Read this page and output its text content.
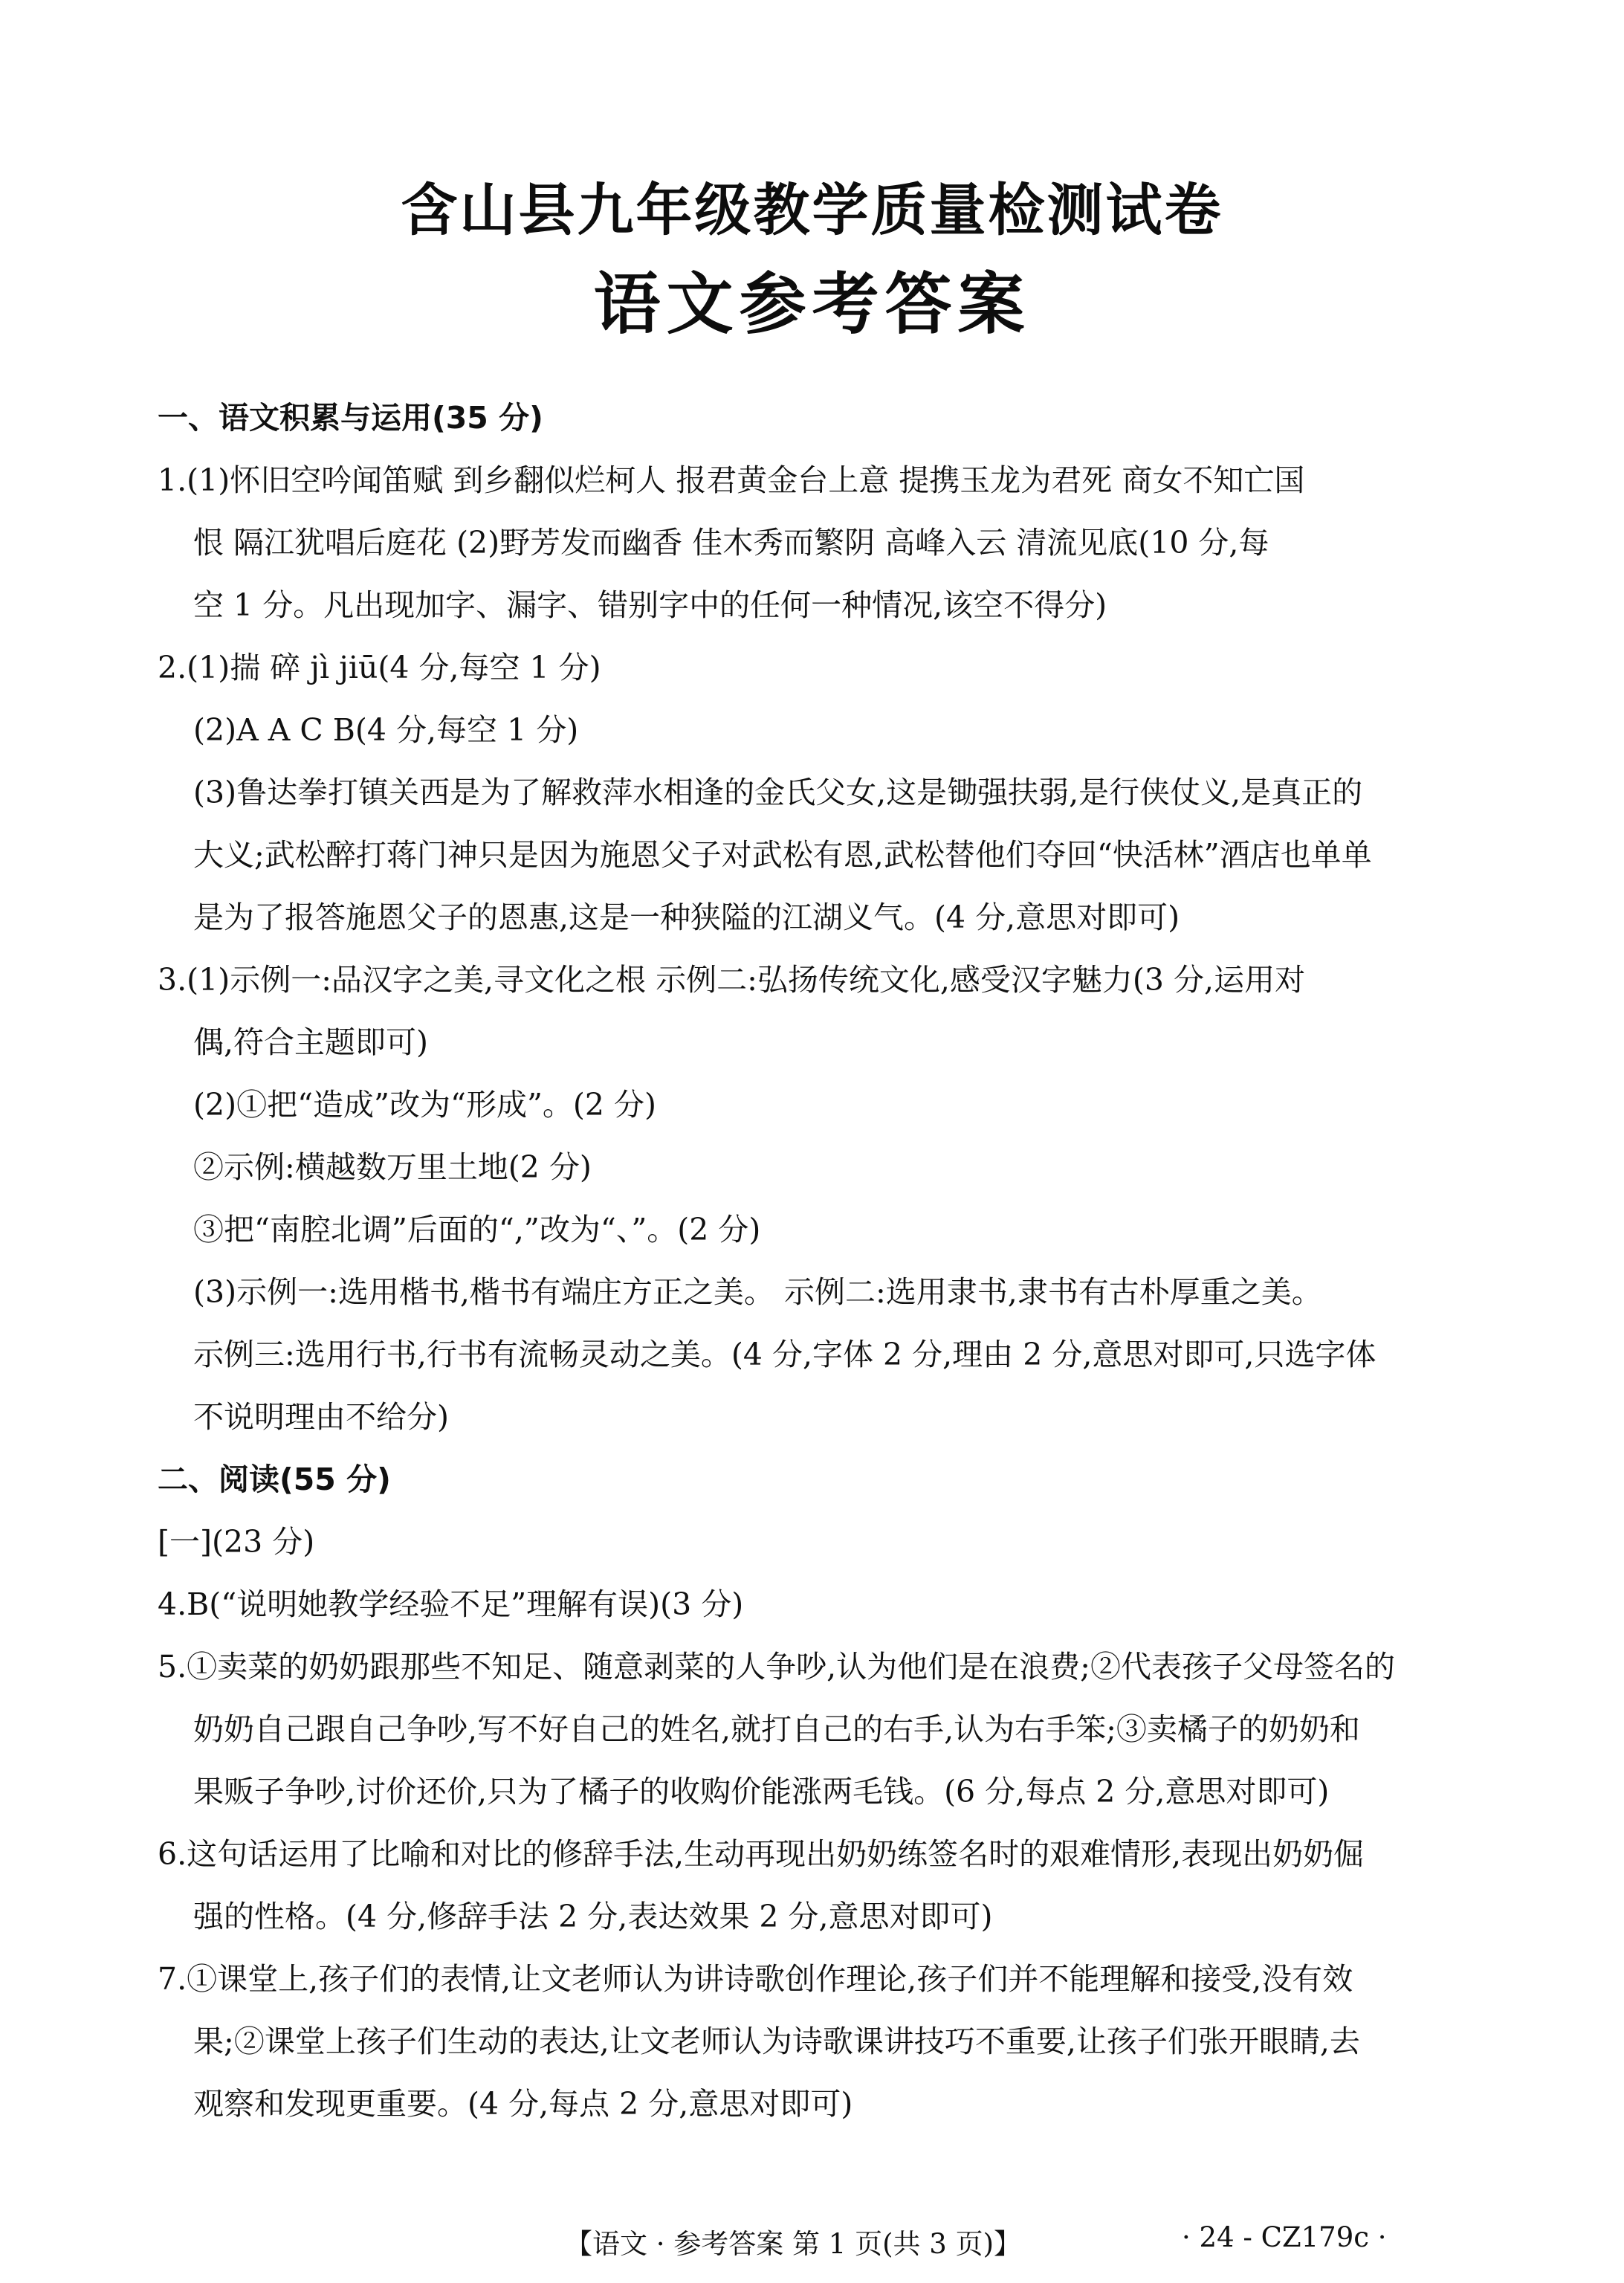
含山县九年级教学质量检测试卷
语文参考答案
一、语文积累与运用(35 分)
1.(1)怀旧空吟闻笛赋 到乡翻似烂柯人 报君黄金台上意 提携玉龙为君死 商女不知亡国
恨 隔江犹唱后庭花 (2)野芳发而幽香 佳木秀而繁阴 高峰入云 清流见底(10 分,每
空 1 分。凡出现加字、漏字、错别字中的任何一种情况,该空不得分)
2.(1)揣 碎 jì jiū(4 分,每空 1 分)
(2)A A C B(4 分,每空 1 分)
(3)鲁达拳打镇关西是为了解救萍水相逢的金氏父女,这是锄强扶弱,是行侠仗义,是真正的
大义;武松醉打蒋门神只是因为施恩父子对武松有恩,武松替他们夺回“快活林”酒店也单单
是为了报答施恩父子的恩惠,这是一种狭隘的江湖义气。(4 分,意思对即可)
3.(1)示例一:品汉字之美,寻文化之根 示例二:弘扬传统文化,感受汉字魅力(3 分,运用对
偶,符合主题即可)
(2)①把“造成”改为“形成”。(2 分)
②示例:横越数万里土地(2 分)
③把“南腔北调”后面的“,”改为“、”。(2 分)
(3)示例一:选用楷书,楷书有端庄方正之美。 示例二:选用隶书,隶书有古朴厚重之美。
示例三:选用行书,行书有流畅灵动之美。(4 分,字体 2 分,理由 2 分,意思对即可,只选字体
不说明理由不给分)
二、阅读(55 分)
[一](23 分)
4.B(“说明她教学经验不足”理解有误)(3 分)
5.①卖菜的奶奶跟那些不知足、随意剥菜的人争吵,认为他们是在浪费;②代表孩子父母签名的
奶奶自己跟自己争吵,写不好自己的姓名,就打自己的右手,认为右手笨;③卖橘子的奶奶和
果贩子争吵,讨价还价,只为了橘子的收购价能涨两毛钱。(6 分,每点 2 分,意思对即可)
6.这句话运用了比喻和对比的修辞手法,生动再现出奶奶练签名时的艰难情形,表现出奶奶倔
强的性格。(4 分,修辞手法 2 分,表达效果 2 分,意思对即可)
7.①课堂上,孩子们的表情,让文老师认为讲诗歌创作理论,孩子们并不能理解和接受,没有效
果;②课堂上孩子们生动的表达,让文老师认为诗歌课讲技巧不重要,让孩子们张开眼睛,去
观察和发现更重要。(4 分,每点 2 分,意思对即可)
【语文 · 参考答案 第 1 页(共 3 页)】	· 24 - CZ179c ·
